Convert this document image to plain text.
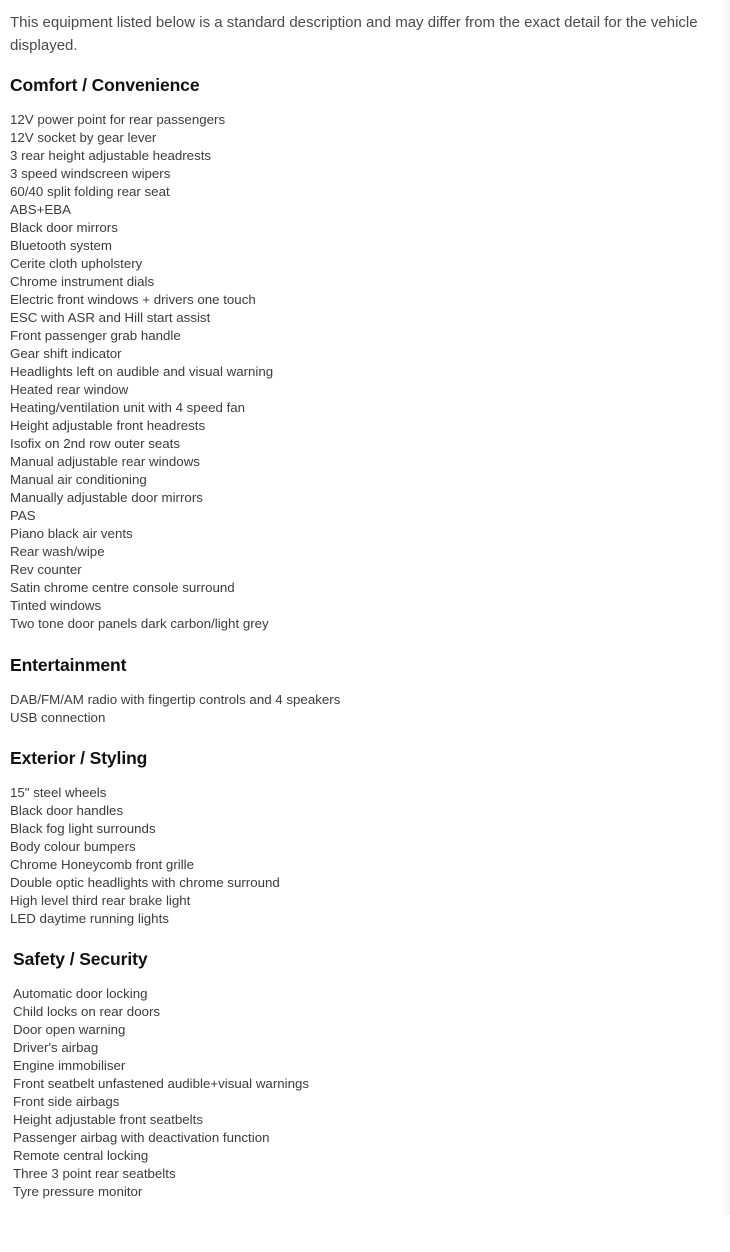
This equipment listed below is a standard description and may differ from the exact detail for the vehicle displayed.

Comfort / Convenience
12V power point for rear passengers
12V socket by gear lever
3 rear height adjustable headrests
3 speed windscreen wipers
60/40 split folding rear seat
ABS+EBA
Black door mirrors
Bluetooth system
Cerite cloth upholstery
Chrome instrument dials
Electric front windows + drivers one touch
ESC with ASR and Hill start assist
Front passenger grab handle
Gear shift indicator
Headlights left on audible and visual warning
Heated rear window
Heating/ventilation unit with 4 speed fan
Height adjustable front headrests
Isofix on 2nd row outer seats
Manual adjustable rear windows
Manual air conditioning
Manually adjustable door mirrors
PAS
Piano black air vents
Rear wash/wipe
Rev counter
Satin chrome centre console surround
Tinted windows
Two tone door panels dark carbon/light grey
Entertainment
DAB/FM/AM radio with fingertip controls and 4 speakers
USB connection
Exterior / Styling
15" steel wheels
Black door handles
Black fog light surrounds
Body colour bumpers
Chrome Honeycomb front grille
Double optic headlights with chrome surround
High level third rear brake light
LED daytime running lights
Safety / Security
Automatic door locking
Child locks on rear doors
Door open warning
Driver's airbag
Engine immobiliser
Front seatbelt unfastened audible+visual warnings
Front side airbags
Height adjustable front seatbelts
Passenger airbag with deactivation function
Remote central locking
Three 3 point rear seatbelts
Tyre pressure monitor
